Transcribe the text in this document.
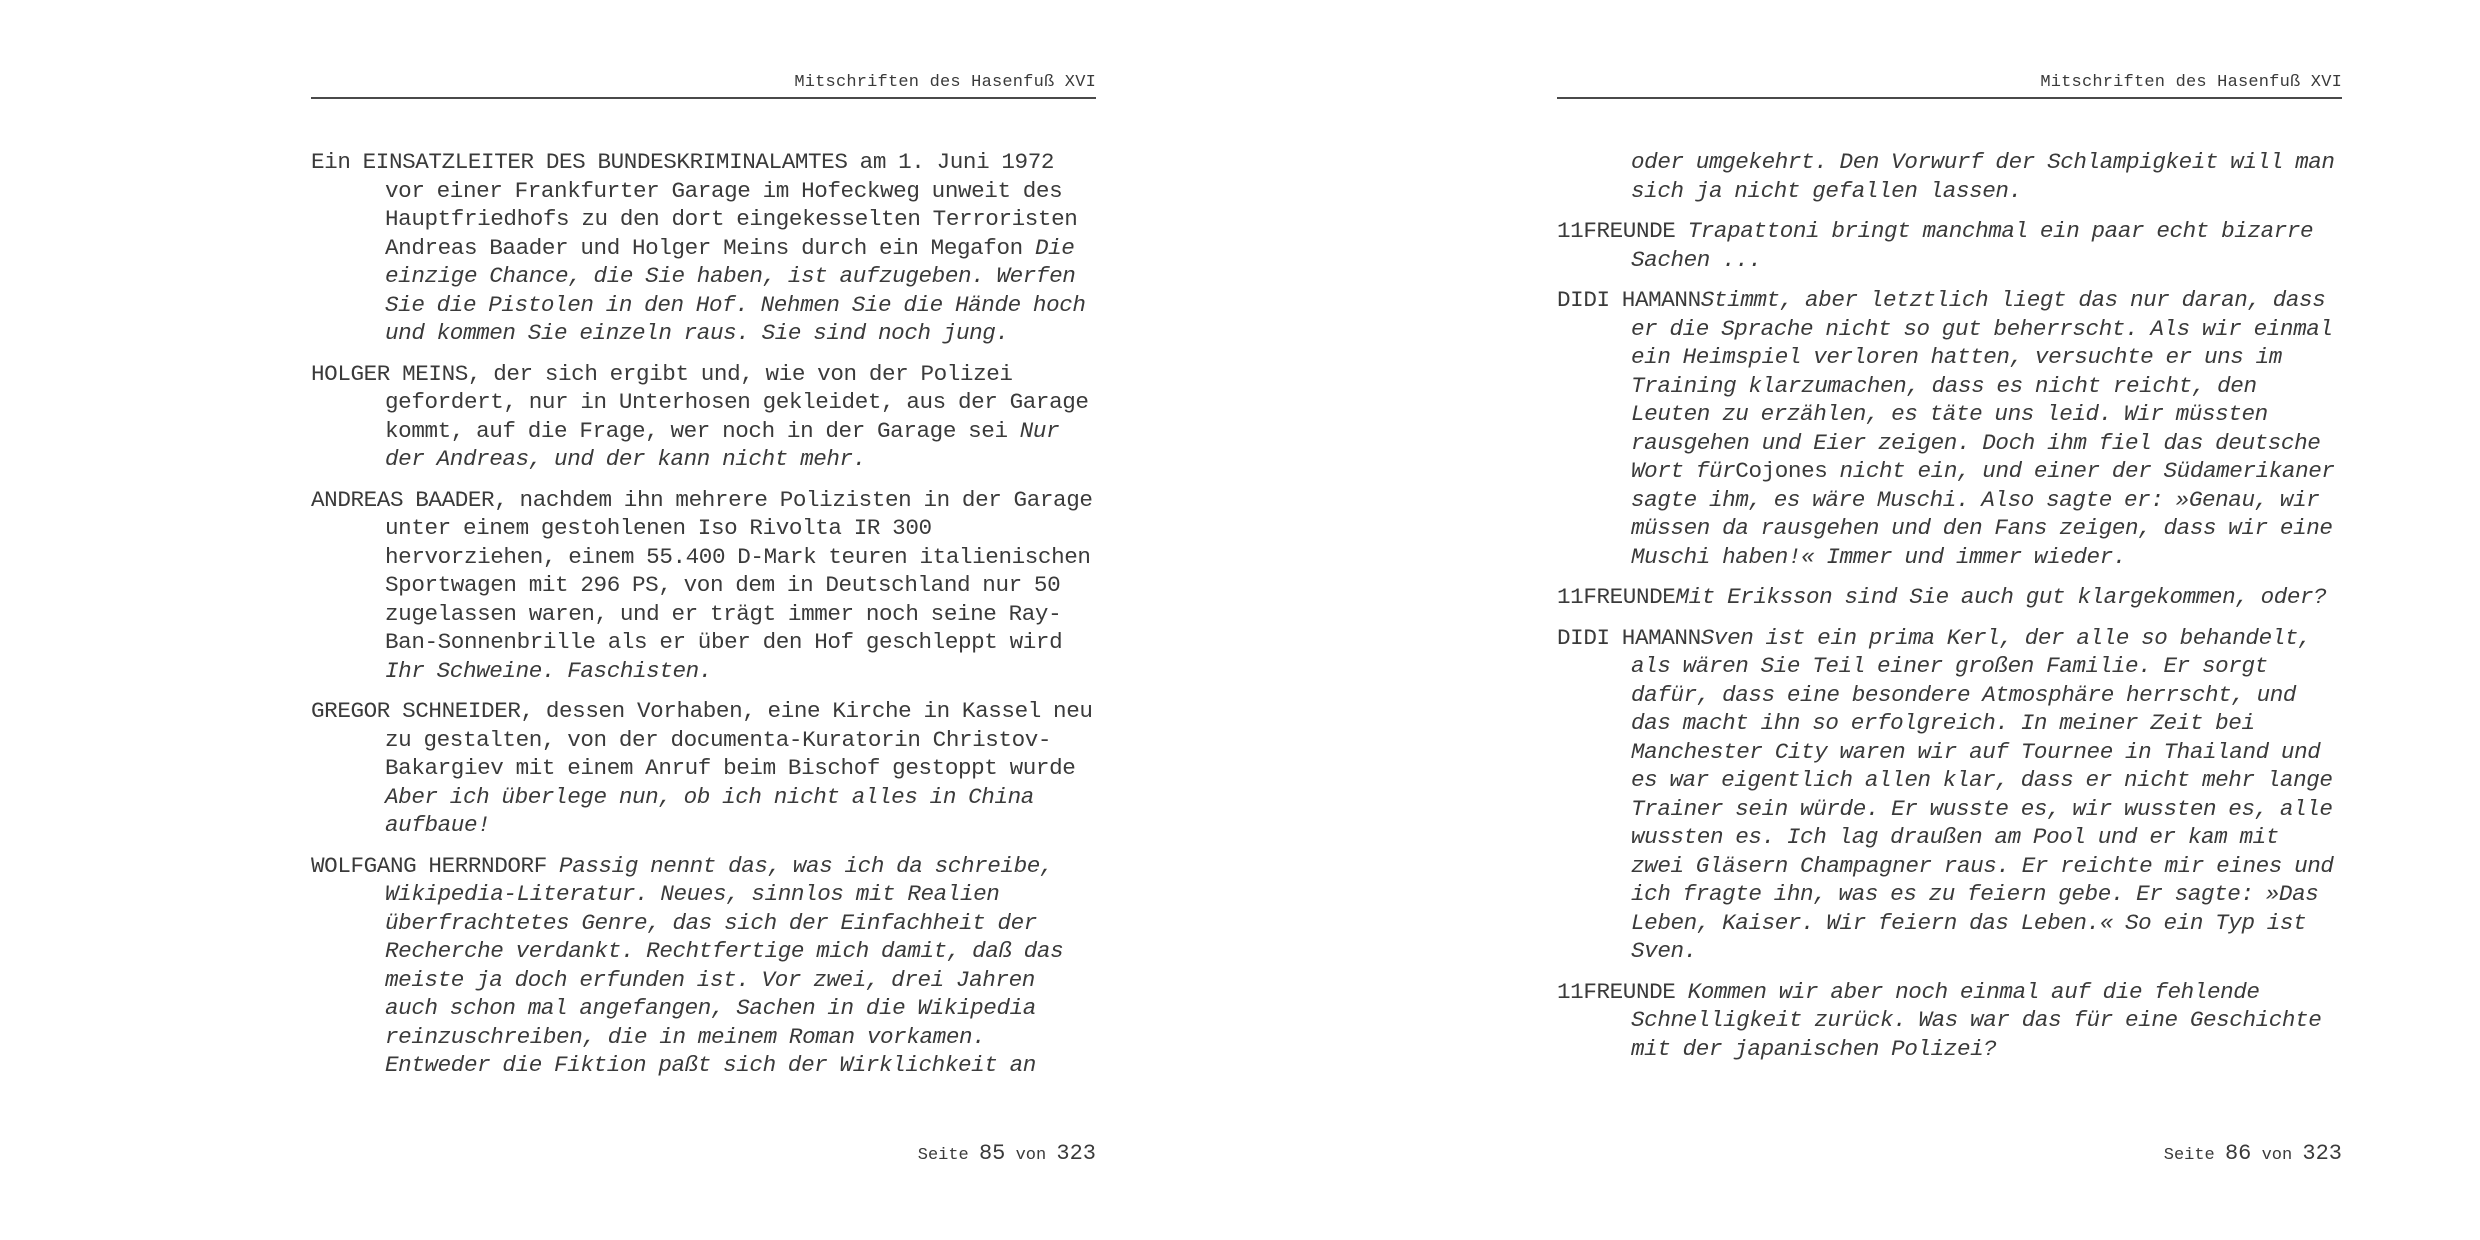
Mitschriften des Hasenfuß XVI

Ein EINSATZLEITER DES BUNDESKRIMINALAMTES am 1. Juni 1972 vor einer Frankfurter Garage im Hofeckweg unweit des Hauptfriedhofs zu den dort eingekesselten Terroristen Andreas Baader und Holger Meins durch ein Megafon Die einzige Chance, die Sie haben, ist aufzugeben. Werfen Sie die Pistolen in den Hof. Nehmen Sie die Hände hoch und kommen Sie einzeln raus. Sie sind noch jung.

HOLGER MEINS, der sich ergibt und, wie von der Polizei gefordert, nur in Unterhosen gekleidet, aus der Garage kommt, auf die Frage, wer noch in der Garage sei Nur der Andreas, und der kann nicht mehr.

ANDREAS BAADER, nachdem ihn mehrere Polizisten in der Garage unter einem gestohlenen Iso Rivolta IR 300 hervorziehen, einem 55.400 D-Mark teuren italienischen Sportwagen mit 296 PS, von dem in Deutschland nur 50 zugelassen waren, und er trägt immer noch seine Ray-Ban-Sonnenbrille als er über den Hof geschleppt wird Ihr Schweine. Faschisten.

GREGOR SCHNEIDER, dessen Vorhaben, eine Kirche in Kassel neu zu gestalten, von der documenta-Kuratorin Christov-Bakargiev mit einem Anruf beim Bischof gestoppt wurde Aber ich überlege nun, ob ich nicht alles in China aufbaue!

WOLFGANG HERRNDORF Passig nennt das, was ich da schreibe, Wikipedia-Literatur. Neues, sinnlos mit Realien überfrachtetes Genre, das sich der Einfachheit der Recherche verdankt. Rechtfertige mich damit, daß das meiste ja doch erfunden ist. Vor zwei, drei Jahren auch schon mal angefangen, Sachen in die Wikipedia reinzuschreiben, die in meinem Roman vorkamen. Entweder die Fiktion paßt sich der Wirklichkeit an

Seite 85 von 323
Mitschriften des Hasenfuß XVI

oder umgekehrt. Den Vorwurf der Schlampigkeit will man sich ja nicht gefallen lassen.

11FREUNDE Trapattoni bringt manchmal ein paar echt bizarre Sachen ...

DIDI HAMANNStimmt, aber letztlich liegt das nur daran, dass er die Sprache nicht so gut beherrscht. Als wir einmal ein Heimspiel verloren hatten, versuchte er uns im Training klarzumachen, dass es nicht reicht, den Leuten zu erzählen, es täte uns leid. Wir müssten rausgehen und Eier zeigen. Doch ihm fiel das deutsche Wort fürCojones nicht ein, und einer der Südamerikaner sagte ihm, es wäre Muschi. Also sagte er: »Genau, wir müssen da rausgehen und den Fans zeigen, dass wir eine Muschi haben!« Immer und immer wieder.

11FREUNDEMit Eriksson sind Sie auch gut klargekommen, oder?

DIDI HAMANNSven ist ein prima Kerl, der alle so behandelt, als wären Sie Teil einer großen Familie. Er sorgt dafür, dass eine besondere Atmosphäre herrscht, und das macht ihn so erfolgreich. In meiner Zeit bei Manchester City waren wir auf Tournee in Thailand und es war eigentlich allen klar, dass er nicht mehr lange Trainer sein würde. Er wusste es, wir wussten es, alle wussten es. Ich lag draußen am Pool und er kam mit zwei Gläsern Champagner raus. Er reichte mir eines und ich fragte ihn, was es zu feiern gebe. Er sagte: »Das Leben, Kaiser. Wir feiern das Leben.« So ein Typ ist Sven.

11FREUNDE Kommen wir aber noch einmal auf die fehlende Schnelligkeit zurück. Was war das für eine Geschichte mit der japanischen Polizei?

Seite 86 von 323
